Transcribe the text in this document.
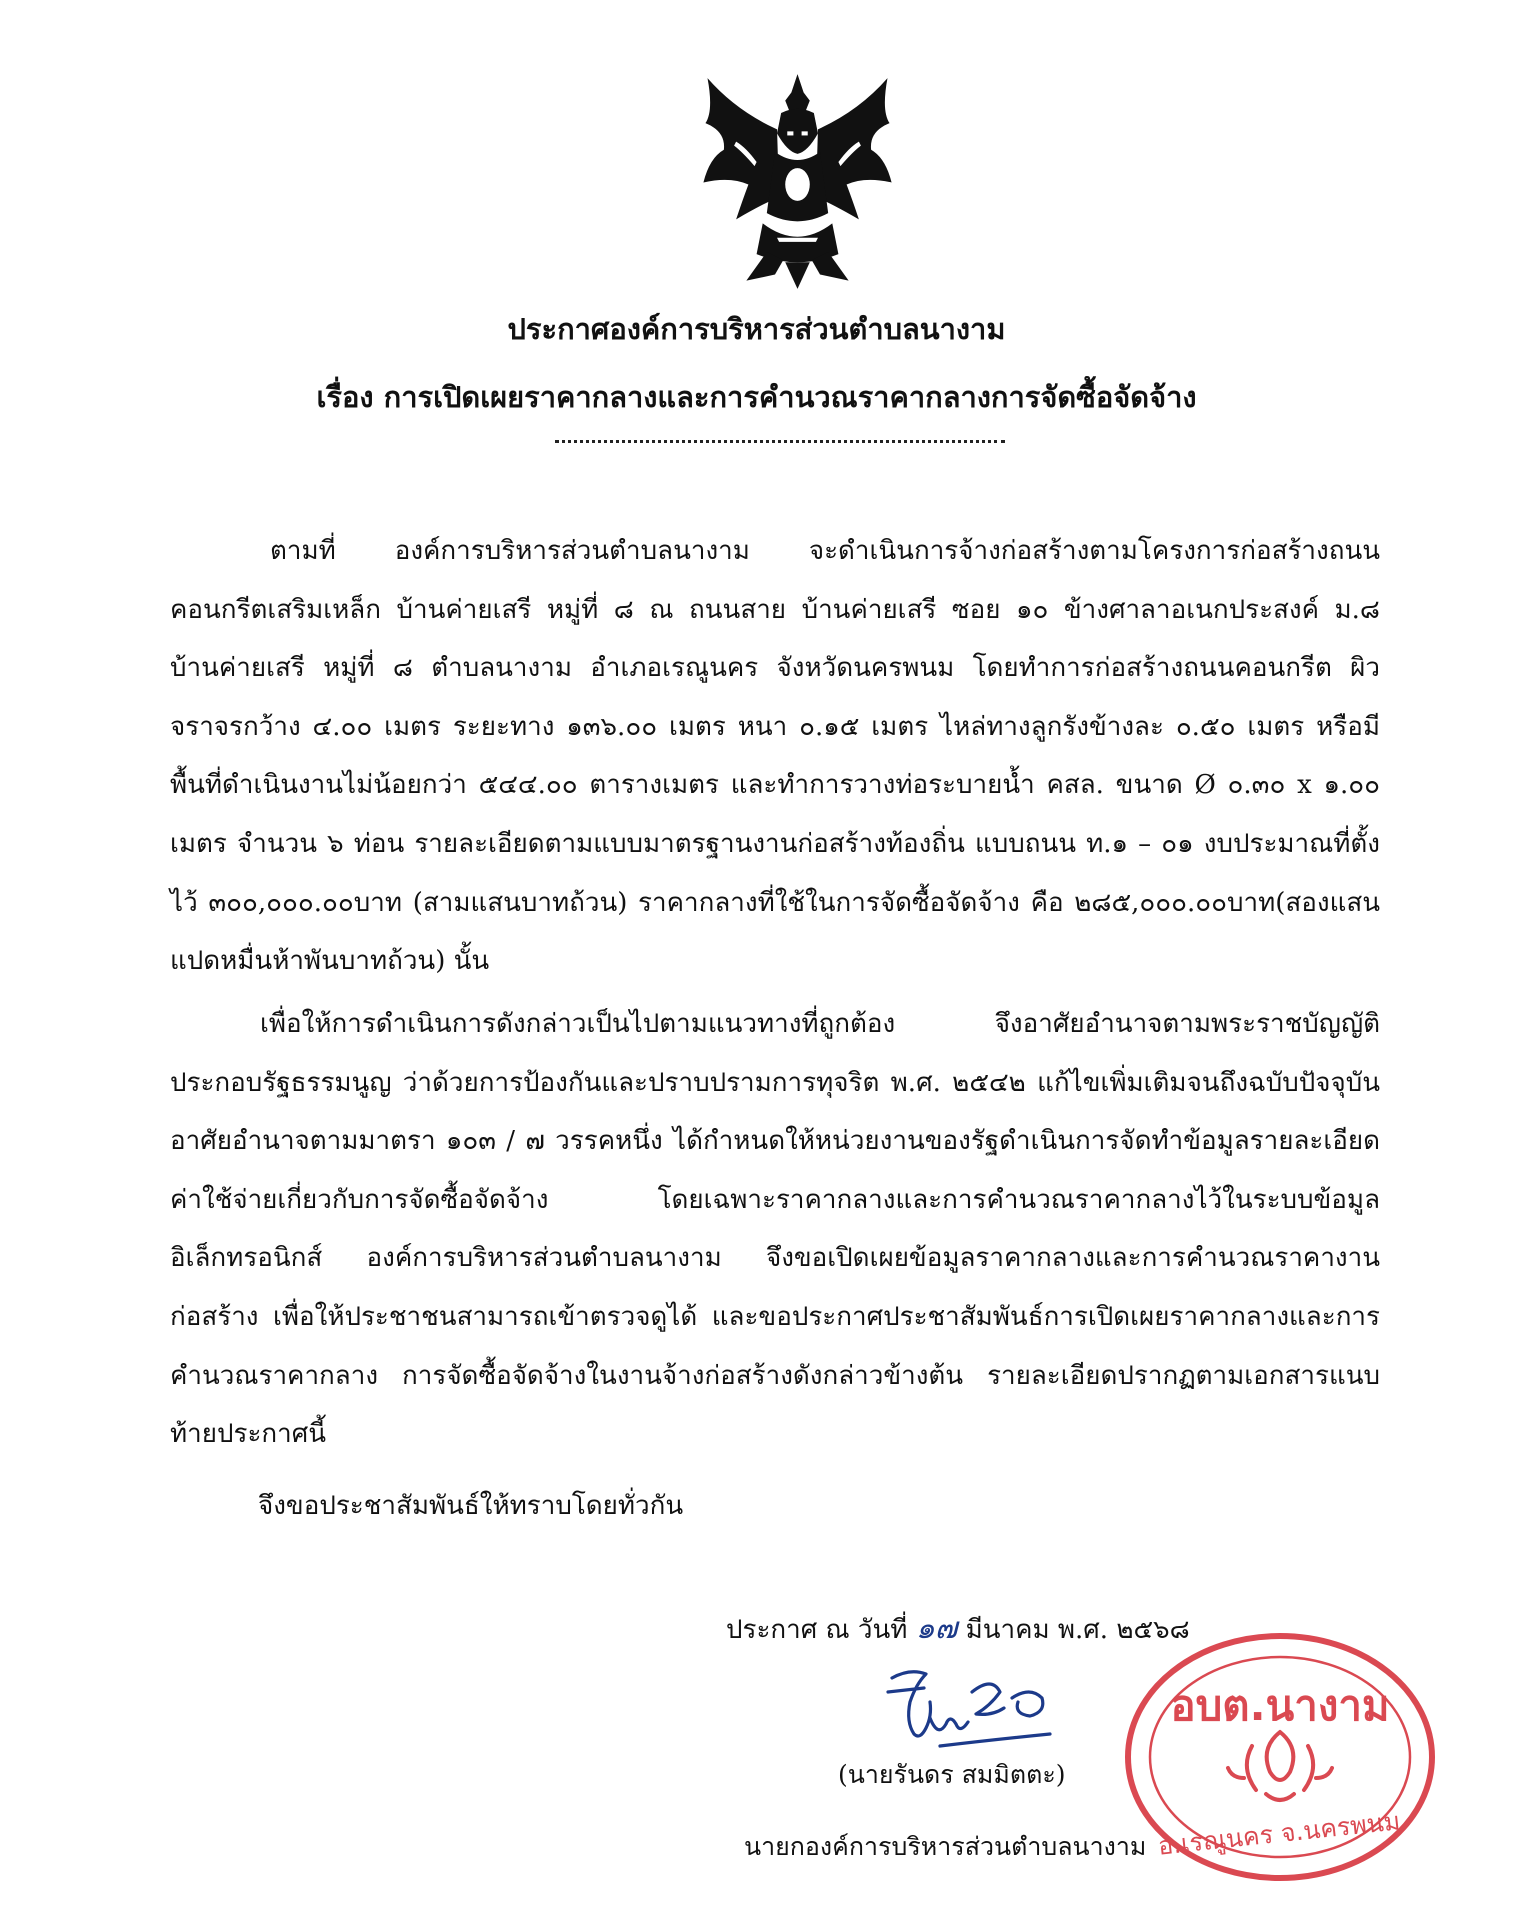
ประกาศองค์การบริหารส่วนตำบลนางาม
เรื่อง การเปิดเผยราคากลางและการคำนวณราคากลางการจัดซื้อจัดจ้าง
ตามที่ องค์การบริหารส่วนตำบลนางาม จะดำเนินการจ้างก่อสร้างตามโครงการก่อสร้างถนนคอนกรีตเสริมเหล็ก บ้านค่ายเสรี หมู่ที่ ๘ ณ ถนนสาย บ้านค่ายเสรี ซอย ๑๐ ข้างศาลาอเนกประสงค์ ม.๘ บ้านค่ายเสรี หมู่ที่ ๘ ตำบลนางาม อำเภอเรณูนคร จังหวัดนครพนม โดยทำการก่อสร้างถนนคอนกรีต ผิวจราจรกว้าง ๔.๐๐ เมตร ระยะทาง ๑๓๖.๐๐ เมตร หนา ๐.๑๕ เมตร ไหล่ทางลูกรังข้างละ ๐.๕๐ เมตร หรือมีพื้นที่ดำเนินงานไม่น้อยกว่า ๕๔๔.๐๐ ตารางเมตร และทำการวางท่อระบายน้ำ คสล. ขนาด Ø ๐.๓๐ x ๑.๐๐ เมตร จำนวน ๖ ท่อน รายละเอียดตามแบบมาตรฐานงานก่อสร้างท้องถิ่น แบบถนน ท.๑ – ๐๑ งบประมาณที่ตั้งไว้ ๓๐๐,๐๐๐.๐๐บาท (สามแสนบาทถ้วน) ราคากลางที่ใช้ในการจัดซื้อจัดจ้าง คือ ๒๘๕,๐๐๐.๐๐บาท(สองแสนแปดหมื่นห้าพันบาทถ้วน) นั้น
เพื่อให้การดำเนินการดังกล่าวเป็นไปตามแนวทางที่ถูกต้อง จึงอาศัยอำนาจตามพระราชบัญญัติประกอบรัฐธรรมนูญ ว่าด้วยการป้องกันและปราบปรามการทุจริต พ.ศ. ๒๕๔๒ แก้ไขเพิ่มเติมจนถึงฉบับปัจจุบัน อาศัยอำนาจตามมาตรา ๑๐๓ / ๗ วรรคหนึ่ง ได้กำหนดให้หน่วยงานของรัฐดำเนินการจัดทำข้อมูลรายละเอียดค่าใช้จ่ายเกี่ยวกับการจัดซื้อจัดจ้าง โดยเฉพาะราคากลางและการคำนวณราคากลางไว้ในระบบข้อมูลอิเล็กทรอนิกส์ องค์การบริหารส่วนตำบลนางาม จึงขอเปิดเผยข้อมูลราคากลางและการคำนวณราคางานก่อสร้าง เพื่อให้ประชาชนสามารถเข้าตรวจดูได้ และขอประกาศประชาสัมพันธ์การเปิดเผยราคากลางและการคำนวณราคากลาง การจัดซื้อจัดจ้างในงานจ้างก่อสร้างดังกล่าวข้างต้น รายละเอียดปรากฏตามเอกสารแนบท้ายประกาศนี้
จึงขอประชาสัมพันธ์ให้ทราบโดยทั่วกัน
ประกาศ ณ วันที่ ๑๗ มีนาคม พ.ศ. ๒๕๖๘
(นายรันดร สมมิตตะ)
นายกองค์การบริหารส่วนตำบลนางาม
อบต.นางาม
อ.เรณูนคร จ.นครพนม
